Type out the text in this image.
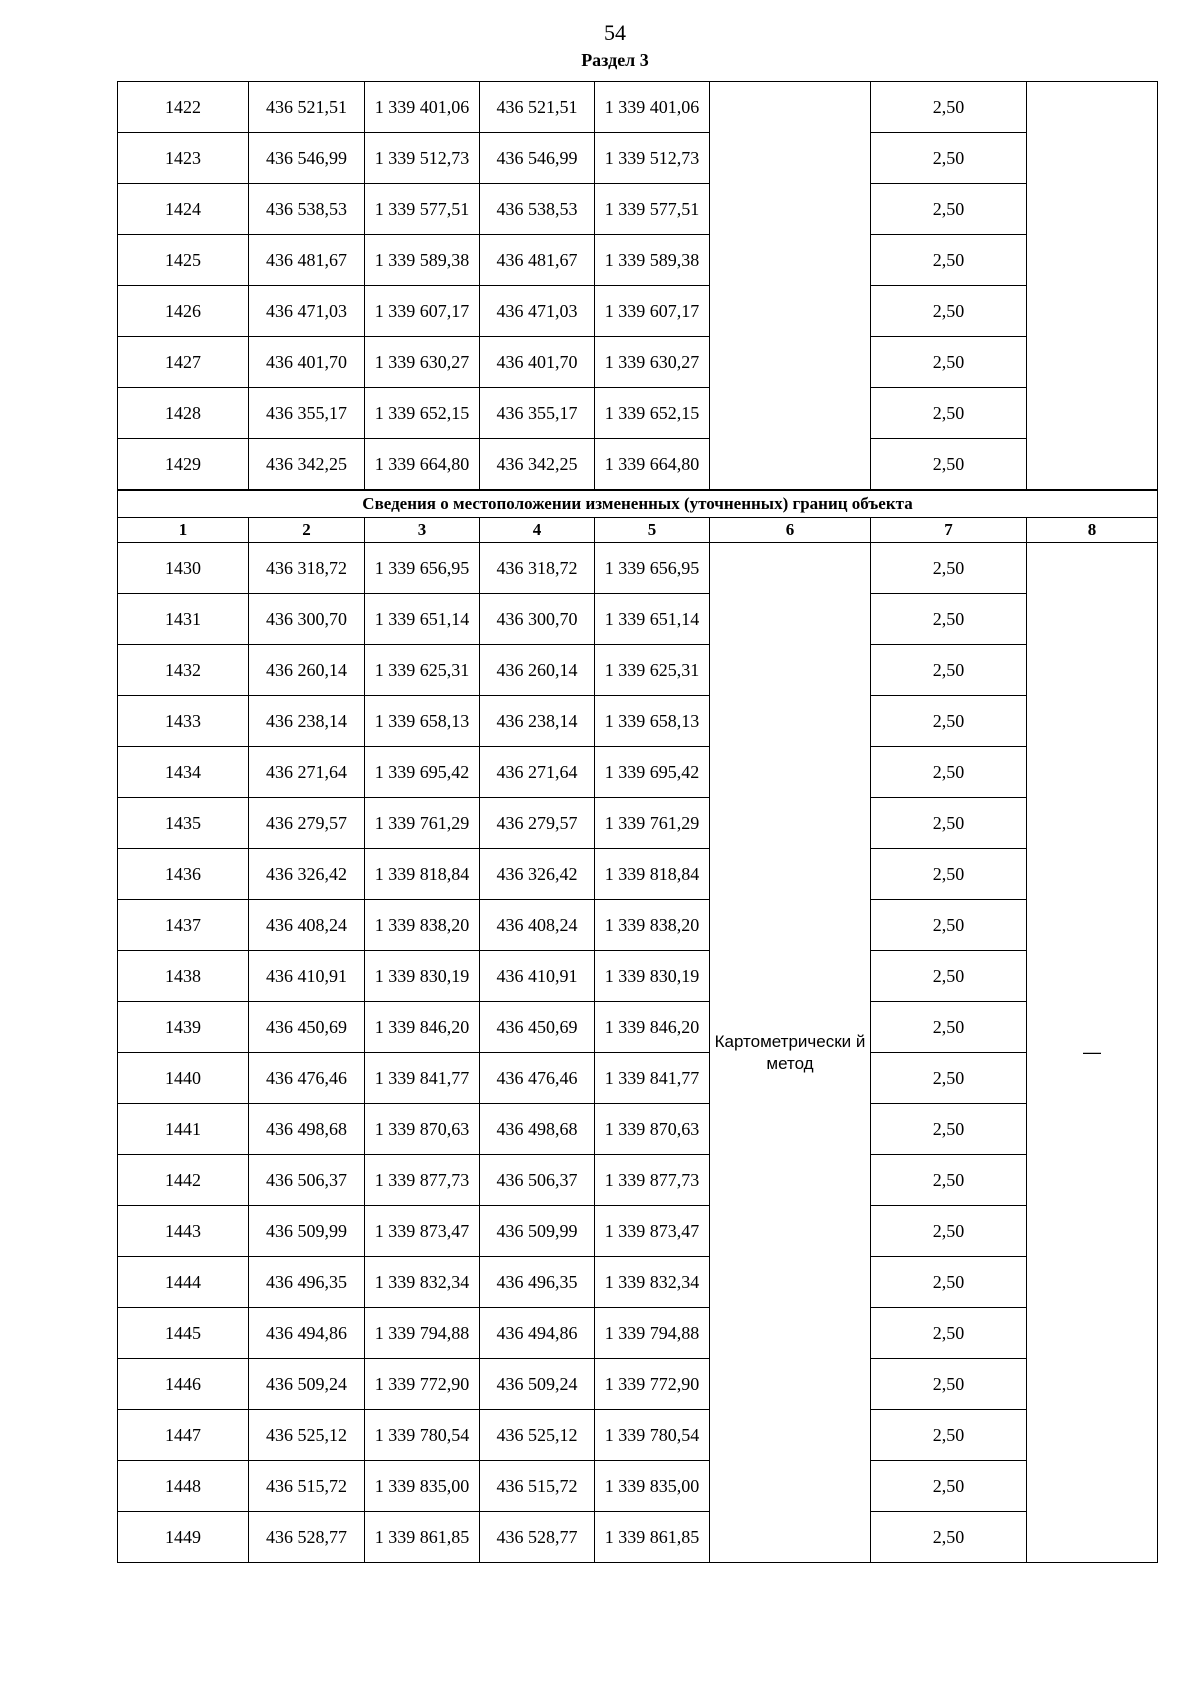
54
Раздел 3
1422	436 521,51	1 339 401,06	436 521,51	1 339 401,06		2,50	
1423	436 546,99	1 339 512,73	436 546,99	1 339 512,73		2,50	
1424	436 538,53	1 339 577,51	436 538,53	1 339 577,51		2,50	
1425	436 481,67	1 339 589,38	436 481,67	1 339 589,38		2,50	
1426	436 471,03	1 339 607,17	436 471,03	1 339 607,17		2,50	
1427	436 401,70	1 339 630,27	436 401,70	1 339 630,27		2,50	
1428	436 355,17	1 339 652,15	436 355,17	1 339 652,15		2,50	
1429	436 342,25	1 339 664,80	436 342,25	1 339 664,80		2,50	
Сведения о местоположении измененных (уточненных) границ объекта							
1	2	3	4	5	6	7	8
1430	436 318,72	1 339 656,95	436 318,72	1 339 656,95	Картометрически й метод	2,50	—
1431	436 300,70	1 339 651,14	436 300,70	1 339 651,14		2,50	
1432	436 260,14	1 339 625,31	436 260,14	1 339 625,31		2,50	
1433	436 238,14	1 339 658,13	436 238,14	1 339 658,13		2,50	
1434	436 271,64	1 339 695,42	436 271,64	1 339 695,42		2,50	
1435	436 279,57	1 339 761,29	436 279,57	1 339 761,29		2,50	
1436	436 326,42	1 339 818,84	436 326,42	1 339 818,84		2,50	
1437	436 408,24	1 339 838,20	436 408,24	1 339 838,20		2,50	
1438	436 410,91	1 339 830,19	436 410,91	1 339 830,19		2,50	
1439	436 450,69	1 339 846,20	436 450,69	1 339 846,20		2,50	
1440	436 476,46	1 339 841,77	436 476,46	1 339 841,77		2,50	
1441	436 498,68	1 339 870,63	436 498,68	1 339 870,63		2,50	
1442	436 506,37	1 339 877,73	436 506,37	1 339 877,73		2,50	
1443	436 509,99	1 339 873,47	436 509,99	1 339 873,47		2,50	
1444	436 496,35	1 339 832,34	436 496,35	1 339 832,34		2,50	
1445	436 494,86	1 339 794,88	436 494,86	1 339 794,88		2,50	
1446	436 509,24	1 339 772,90	436 509,24	1 339 772,90		2,50	
1447	436 525,12	1 339 780,54	436 525,12	1 339 780,54		2,50	
1448	436 515,72	1 339 835,00	436 515,72	1 339 835,00		2,50	
1449	436 528,77	1 339 861,85	436 528,77	1 339 861,85		2,50	
